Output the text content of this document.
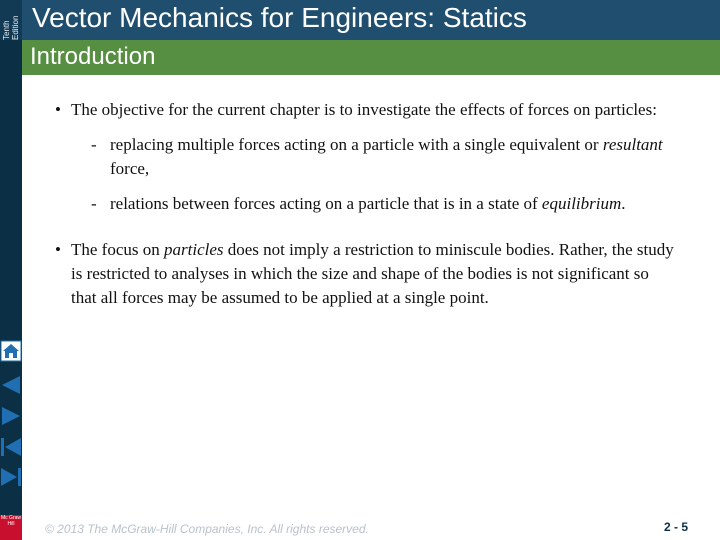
Tenth Edition Vector Mechanics for Engineers: Statics
Introduction

• The objective for the current chapter is to investigate the effects of forces on particles:

- replacing multiple forces acting on a particle with a single equivalent or resultant force,

- relations between forces acting on a particle that is in a state of equilibrium.

• The focus on particles does not imply a restriction to miniscule bodies. Rather, the study is restricted to analyses in which the size and shape of the bodies is not significant so that all forces may be assumed to be applied at a single point.

Mc Graw Hill	© 2013 The McGraw-Hill Companies, Inc. All rights reserved.	2 - 5
